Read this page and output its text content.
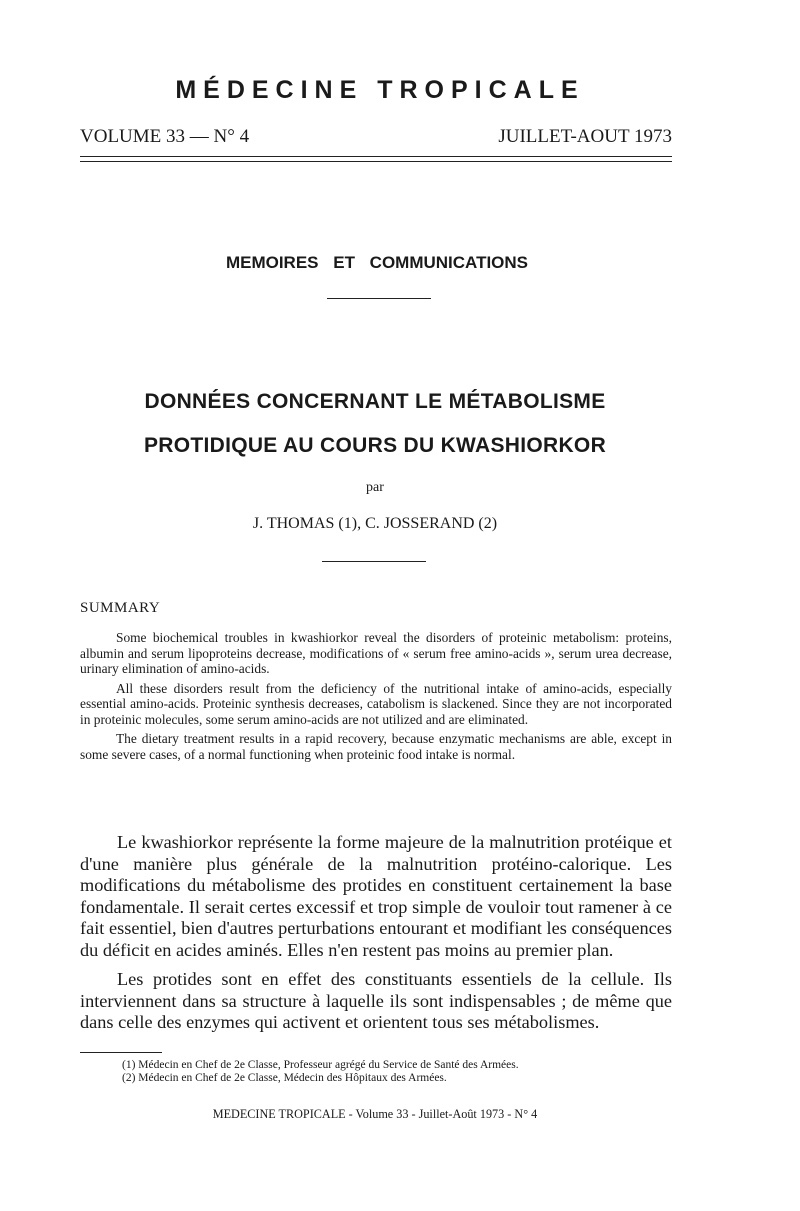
MÉDECINE TROPICALE
VOLUME 33 — N° 4	JUILLET-AOUT 1973
MEMOIRES ET COMMUNICATIONS
DONNÉES CONCERNANT LE MÉTABOLISME
PROTIDIQUE AU COURS DU KWASHIORKOR
par
J. THOMAS (1), C. JOSSERAND (2)
SUMMARY

Some biochemical troubles in kwashiorkor reveal the disorders of proteinic metabolism: proteins, albumin and serum lipoproteins decrease, modifications of « serum free amino-acids », serum urea decrease, urinary elimination of amino-acids.

All these disorders result from the deficiency of the nutritional intake of amino-acids, especially essential amino-acids. Proteinic synthesis decreases, catabolism is slackened. Since they are not incorporated in proteinic molecules, some serum amino-acids are not utilized and are eliminated.

The dietary treatment results in a rapid recovery, because enzymatic mechanisms are able, except in some severe cases, of a normal functioning when proteinic food intake is normal.

Le kwashiorkor représente la forme majeure de la malnutrition protéique et d'une manière plus générale de la malnutrition protéino-calorique. Les modifications du métabolisme des protides en constituent certainement la base fondamentale. Il serait certes excessif et trop simple de vouloir tout ramener à ce fait essentiel, bien d'autres perturbations entourant et modifiant les conséquences du déficit en acides aminés. Elles n'en restent pas moins au premier plan.

Les protides sont en effet des constituants essentiels de la cellule. Ils interviennent dans sa structure à laquelle ils sont indispensables ; de même que dans celle des enzymes qui activent et orientent tous ses métabolismes.

(1) Médecin en Chef de 2e Classe, Professeur agrégé du Service de Santé des Armées.
(2) Médecin en Chef de 2e Classe, Médecin des Hôpitaux des Armées.
MEDECINE TROPICALE - Volume 33 - Juillet-Août 1973 - N° 4
